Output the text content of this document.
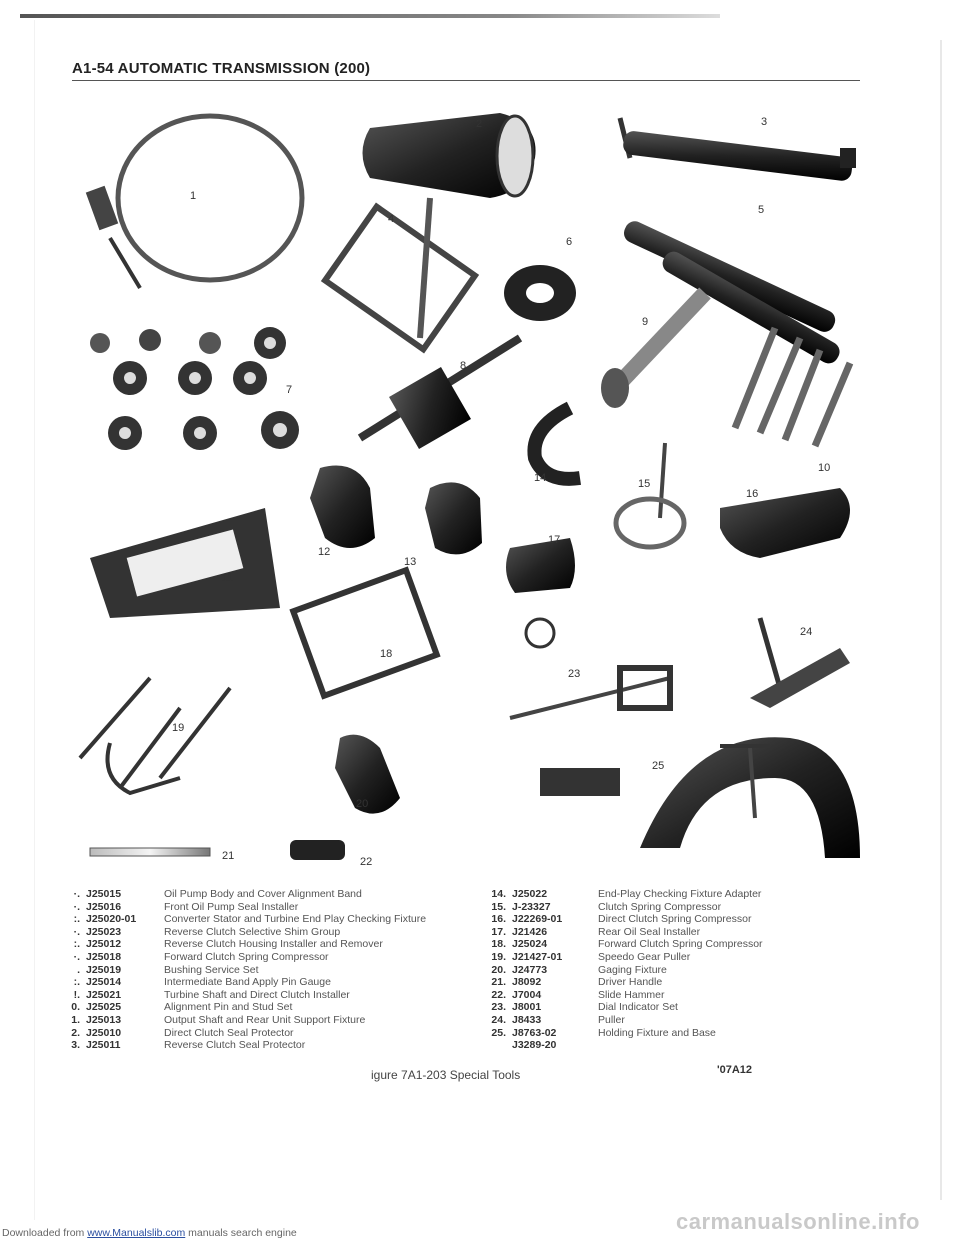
A1-54 AUTOMATIC TRANSMISSION (200)
1
2	3
4
5
6
7
8
9
10
11
12
13
14	15
16
17
18
19
20
21	22
23
24
25
·. J25015	Oil Pump Body and Cover Alignment Band
·. J25016	Front Oil Pump Seal Installer
:. J25020-01	Converter Stator and Turbine End Play Checking Fixture
·. J25023	Reverse Clutch Selective Shim Group
:. J25012	Reverse Clutch Housing Installer and Remover
·. J25018	Forward Clutch Spring Compressor
. J25019	Bushing Service Set
:. J25014	Intermediate Band Apply Pin Gauge
!. J25021	Turbine Shaft and Direct Clutch Installer
0. J25025	Alignment Pin and Stud Set
1. J25013	Output Shaft and Rear Unit Support Fixture
2. J25010	Direct Clutch Seal Protector
3. J25011	Reverse Clutch Seal Protector
14. J25022	End-Play Checking Fixture Adapter
15. J-23327	Clutch Spring Compressor
16. J22269-01	Direct Clutch Spring Compressor
17. J21426	Rear Oil Seal Installer
18. J25024	Forward Clutch Spring Compressor
19. J21427-01	Speedo Gear Puller
20. J24773	Gaging Fixture
21. J8092	Driver Handle
22. J7004	Slide Hammer
23. J8001	Dial Indicator Set
24. J8433	Puller
25. J8763-02	Holding Fixture and Base
J3289-20
igure 7A1-203 Special Tools	'07A12
carmanualsonline.info
Downloaded from www.Manualslib.com manuals search engine
